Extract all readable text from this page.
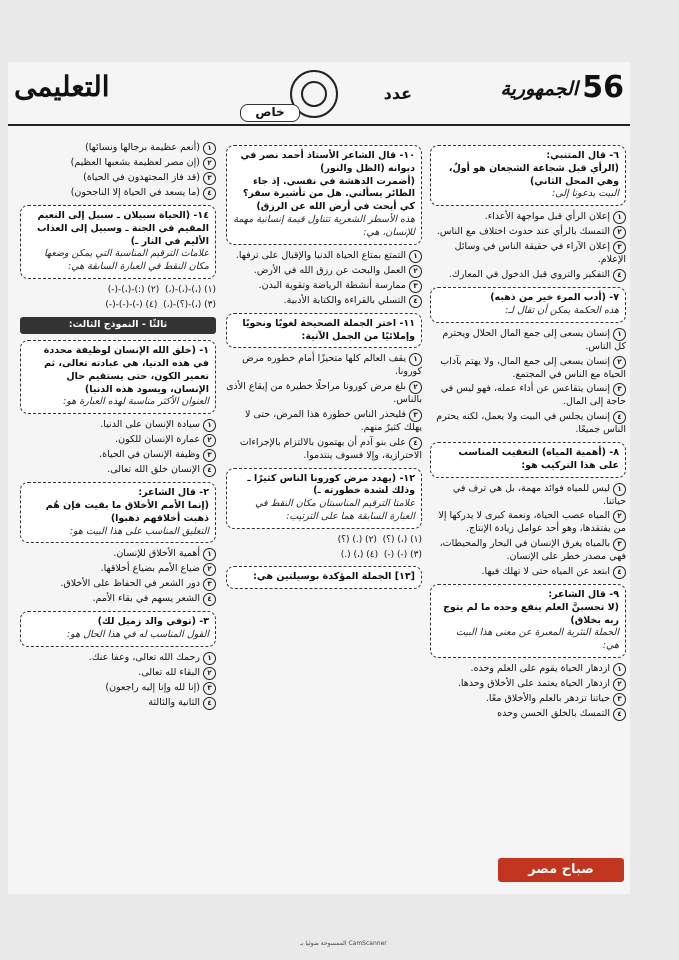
56
الجمهورية
عدد
خاص
التعليمى
٦- قال المتنبي:
(الرأي قبل شجاعة الشجعان هو أولٌ، وهي المحل الثاني)
البيت يدعونا إلى:
١إعلان الرأي قبل مواجهة الأعداء.
٢التمسك بالرأي عند حدوث اختلاف مع الناس.
٣إعلان الآراء في حقيقة الناس في وسائل الإعلام.
٤التفكير والتروي قبل الدخول في المعارك.
٧- (أدب المرء خير من ذهبه)
هذه الحكمة يمكن أن تقال لـ:
١إنسان يسعى إلى جمع المال الحلال ويحترم كل الناس.
٢إنسان يسعى إلى جمع المال، ولا يهتم بآداب الحياة مع الناس في المجتمع.
٣إنسان يتقاعس عن أداء عمله، فهو ليس في حاجة إلى المال.
٤إنسان يجلس في البيت ولا يعمل، لكنه يحترم الناس جميعًا.
٨- (أهمية المياه) التعقيب المناسب على هذا التركيب هو:
١ليس للمياه فوائد مهمة، بل هي ترف في حياتنا.
٢المياه عصب الحياة، ونعمة كبرى لا يدركها إلا من يفتقدها، وهو أحد عوامل زيادة الإنتاج.
٣بالمياه يغرق الإنسان في البحار والمحيطات، فهي مصدر خطر على الإنسان.
٤ابتعد عن المياه حتى لا تهلك فيها.
٩- قال الشاعر:
(لا تحسبنَّ العلم ينفع وحده ما لم يتوج ربه بخلاق)
الجملة النثرية المعبرة عن معنى هذا البيت هي:
١ازدهار الحياة يقوم على العلم وحده.
٢ازدهار الحياة يعتمد على الأخلاق وحدها.
٣حياتنا تزدهر بالعلم والأخلاق معًا.
٤التمسك بالخلق الحسن وحده
١٠- قال الشاعر الأستاذ أحمد نصر في ديوانه (الظل والنور)
(أضمرت الدهشة في نفسي. إذ جاء الطائر يسألني. هل من تأشيرة سفر؟ كي أبحث في أرض الله عن الرزق)
هذه الأسطر الشعرية تتناول قيمة إنسانية مهمة للإنسان، هي:
١التمتع بمتاع الحياة الدنيا والإقبال على ترفها.
٢العمل والبحث عن رزق الله في الأرض.
٣ممارسة أنشطة الرياضة وتقوية البدن.
٤التسلي بالقراءة والكتابة الأدبية.
١١- اختر الجملة الصحيحة لغويًا ونحويًا وإملائيًا من الجمل الآتية:
١يقف العالم كلها متحيزًا أمام خطوره مرض كورونا.
٢بلغ مرض كورونا مراحلًا خطيرة من إيقاع الأذى بالناس.
٣فليحذر الناس خطورة هذا المرض، حتى لا يهلك كثيرٌ منهم.
٤على بنو آدم أن يهتمون بالالتزام بالإجراءات الاحترازية، وإلا فسوف ينتدموا.
١٢- (يهدد مرض كورونا الناس كثيرًا ـ وذلك لشدة خطورته ـ)
علامتا الترقيم المناسبتان مكان النقط في العبارة السابقة هما على الترتيب:
(١) (،) (؟)  (٢) (.) (؟)
(٣) (-) (-)  (٤) (،) (.)
[١٣] الجملة المؤكدة بوسيلتين هي:
١(أنعم عظيمة برجالها ونسائها)
٢(إن مصر لعظيمة بشعبها العظيم)
٣(قد فاز المجتهدون في الحياة)
٤(ما يسعد في الحياة إلا الناجحون)
١٤- (الحياة سبيلان ـ سبيل إلى النعيم المقيم في الجنة ـ وسبيل إلى العذاب الأليم في النار ـ)
علامات الترقيم المناسبة التي يمكن وضعها مكان النقط في العبارة السابقة هي:
(١) (،)-(،)-(،)  (٢) (:)-(،)-(-)
(٣) (،)-(؟)-(،)  (٤) (-)-(-)-(-)
ثالثًا - النموذج الثالث:
١- (خلق الله الإنسان لوظيفة محددة في هذه الدنيا، هي عبادته تعالى، ثم تعمير الكون، حتى يستقيم حال الإنسان، ويسود هذه الدنيا)
العنوان الأكثر مناسبة لهذه العبارة هو:
١سيادة الإنسان على الدنيا.
٢عمارة الإنسان للكون.
٣وظيفة الإنسان في الحياة.
٤الإنسان خلق الله تعالى.
٢- قال الشاعر:
(إنما الأمم الأخلاق ما بقيت فإن هُم ذهبت أخلاقهم ذهبوا)
التعليق المناسب على هذا البيت هو:
١أهمية الأخلاق للإنسان.
٢ضياع الأمم بضياع أخلاقها.
٣دور الشعر في الحفاظ على الأخلاق.
٤الشعر يسهم في بقاء الأمم.
٣- (توفي والد زميل لك)
القول المناسب له في هذا الحال هو:
١رحمك الله تعالى، وعفا عنك.
٢البقاء لله تعالى.
٣(إنا لله وإنا إليه راجعون)
٤الثانية والثالثة
صباح مصر
الممسوحة ضوئيا بـ CamScanner
